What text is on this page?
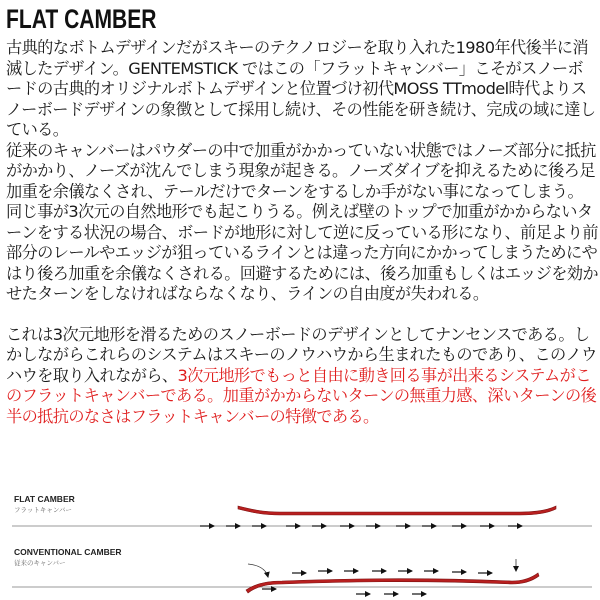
FLAT CAMBER

古典的なボトムデザインだがスキーのテクノロジーを取り入れた1980年代後半に消滅したデザイン。GENTEMSTICK ではこの「フラットキャンバー」こそがスノーボードの古典的オリジナルボトムデザインと位置づけ初代MOSS TTmodel時代よりスノーボードデザインの象徴として採用し続け、その性能を研き続け、完成の域に達している。

従来のキャンバーはパウダーの中で加重がかかっていない状態ではノーズ部分に抵抗がかかり、ノーズが沈んでしまう現象が起きる。ノーズダイブを抑えるために後ろ足加重を余儀なくされ、テールだけでターンをするしか手がない事になってしまう。 同じ事が3次元の自然地形でも起こりうる。例えば壁のトップで加重がかからないターンをする状況の場合、ボードが地形に対して逆に反っている形になり、前足より前部分のレールやエッジが狙っているラインとは違った方向にかかってしまうためにやはり後ろ加重を余儀なくされる。回避するためには、後ろ加重もしくはエッジを効かせたターンをしなければならなくなり、ラインの自由度が失われる。

これは3次元地形を滑るためのスノーボードのデザインとしてナンセンスである。しかしながらこれらのシステムはスキーのノウハウから生まれたものであり、このノウハウを取り入れながら、3次元地形でもっと自由に動き回る事が出来るシステムがこのフラットキャンバーである。加重がかからないターンの無重力感、深いターンの後半の抵抗のなさはフラットキャンバーの特徴である。

FLAT CAMBER
フラットキャンバー
CONVENTIONAL CAMBER
従来のキャンバー
